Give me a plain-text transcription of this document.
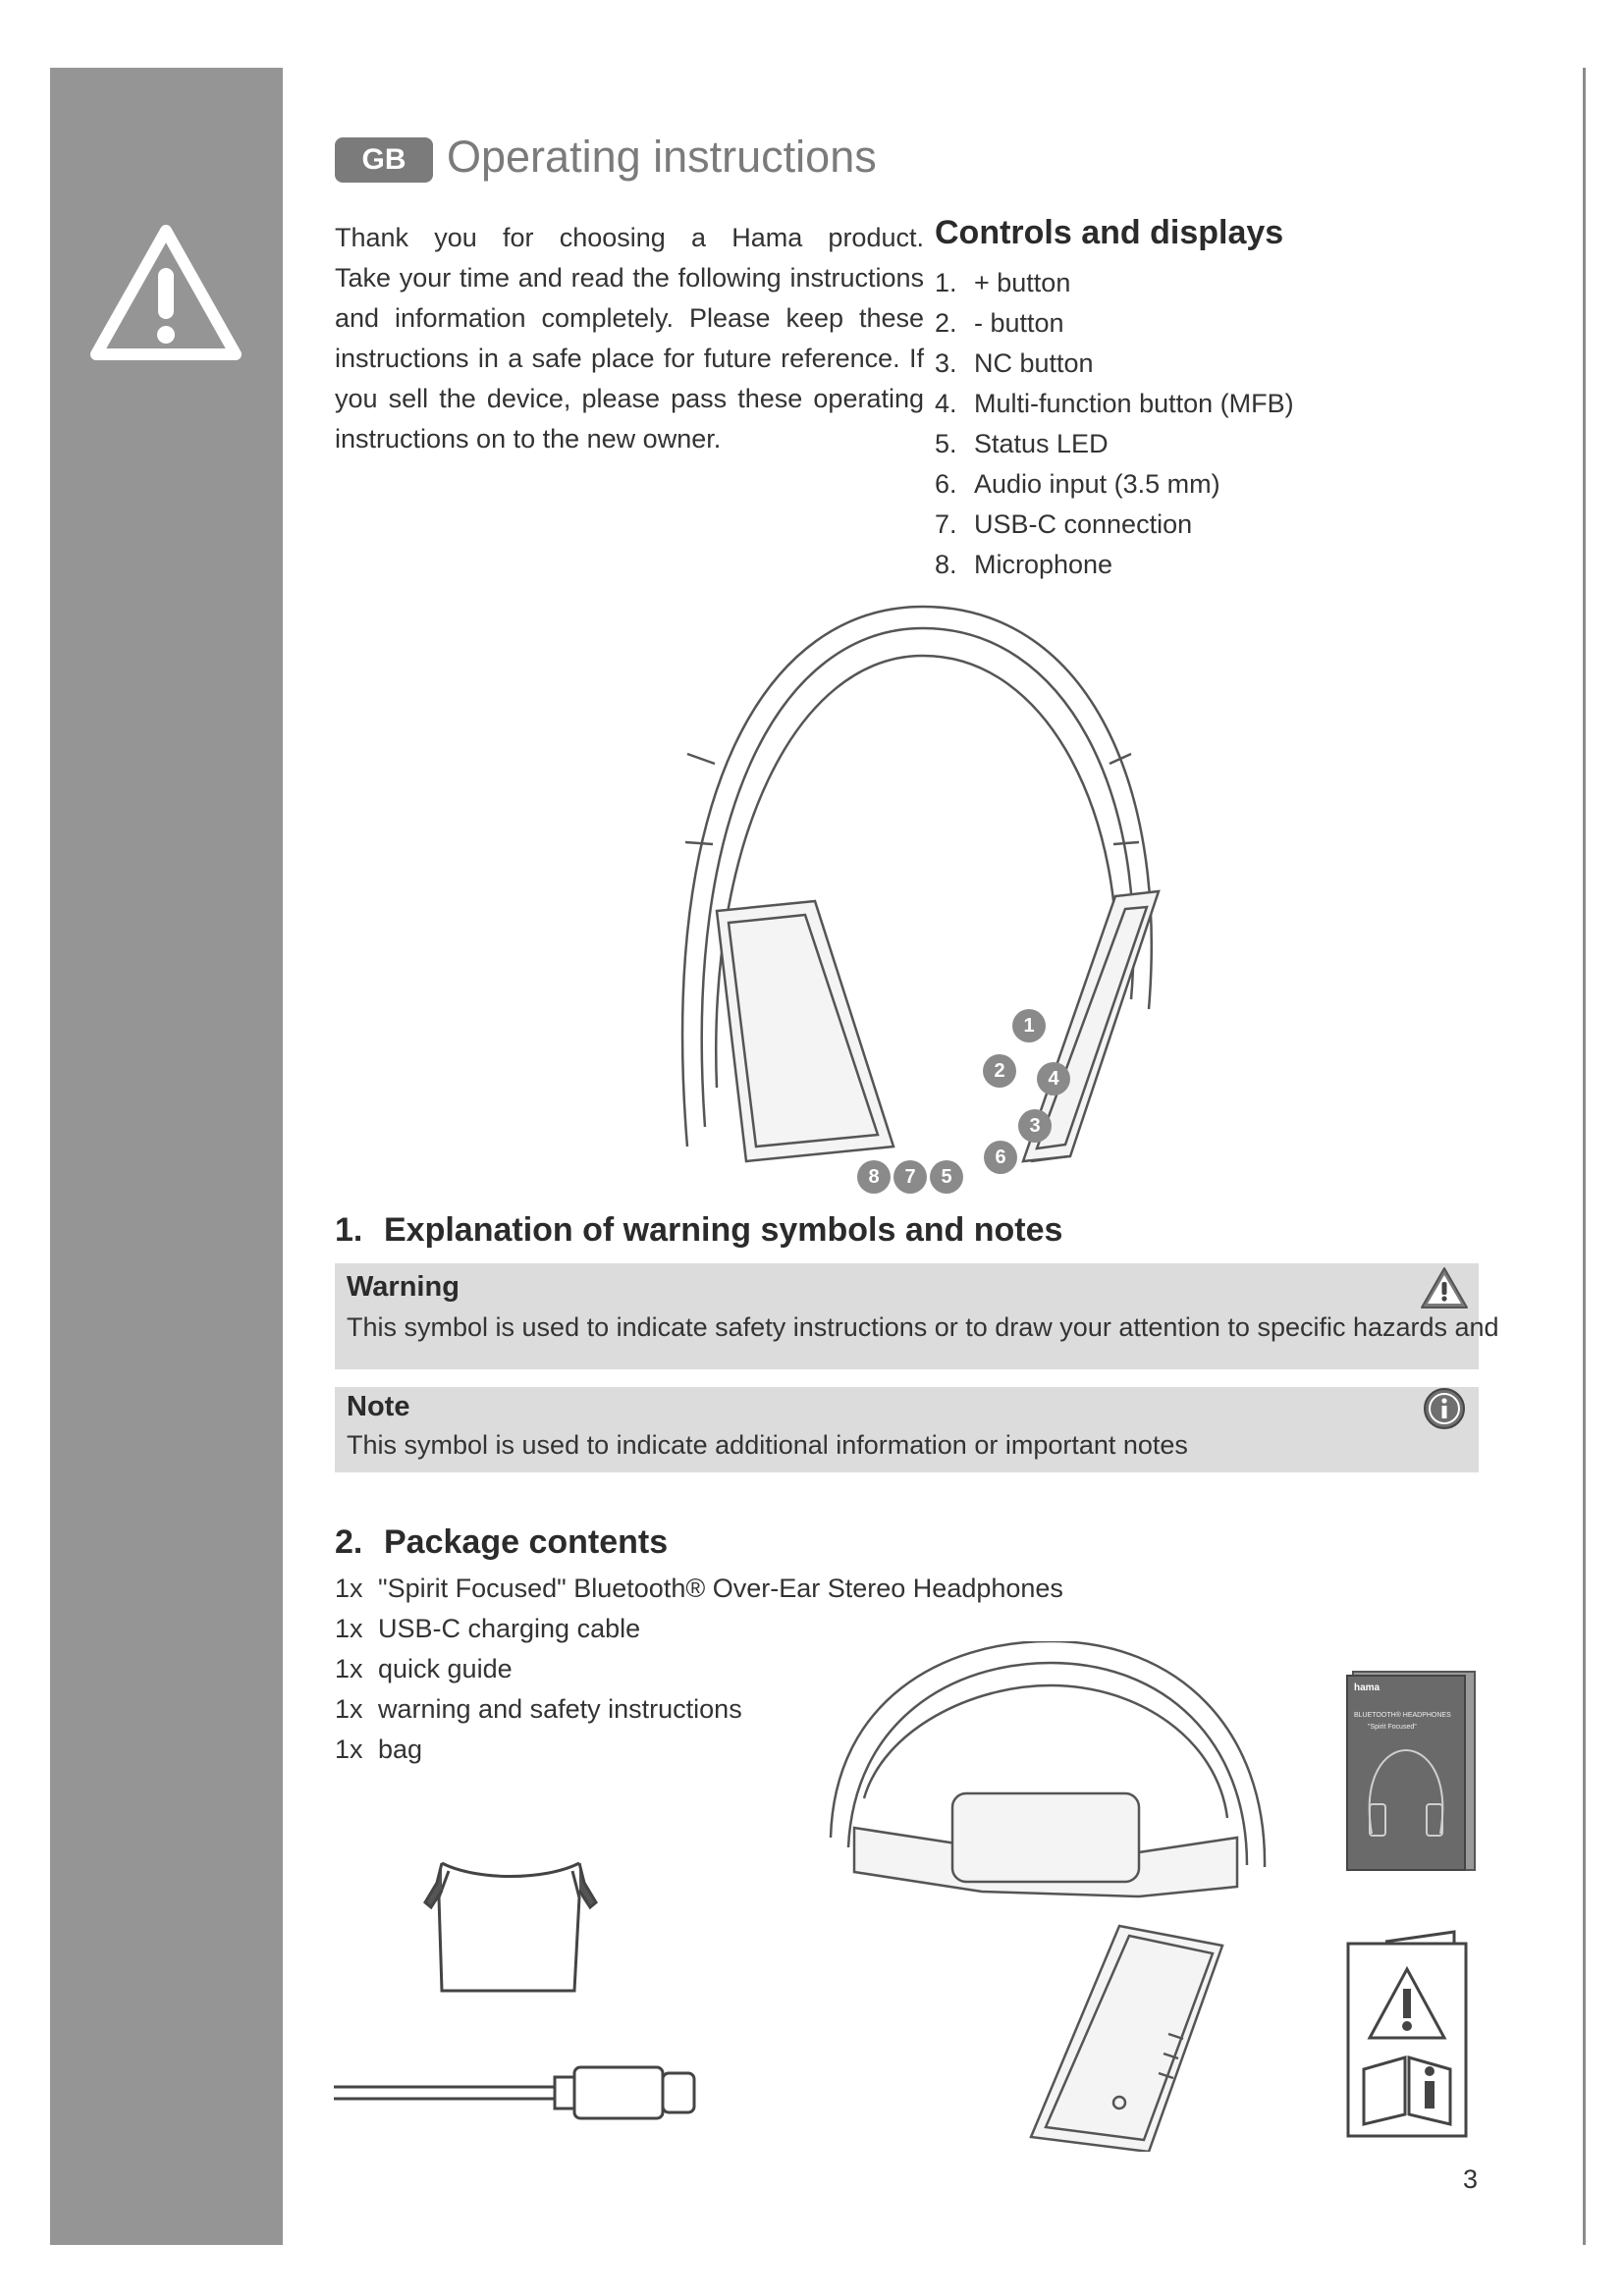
GB Operating instructions
Thank you for choosing a Hama product.
Take your time and read the following instructions
and information completely. Please keep these
instructions in a safe place for future reference. If
you sell the device, please pass these operating
instructions on to the new owner.
Controls and displays
1. + button
2. - button
3. NC button
4. Multi-function button (MFB)
5. Status LED
6. Audio input (3.5 mm)
7. USB-C connection
8. Microphone
1
2	4
3
6
8	7	5
1. Explanation of warning symbols and notes
Warning
This symbol is used to indicate safety instructions or to draw your attention to specific hazards and
Note
This symbol is used to indicate additional information or important notes
2. Package contents
1x "Spirit Focused" Bluetooth® Over-Ear Stereo Headphones
1x USB-C charging cable
1x quick guide
1x warning and safety instructions
1x bag
hama
BLUETOOTH® HEADPHONES
"Spirit Focused"
3
